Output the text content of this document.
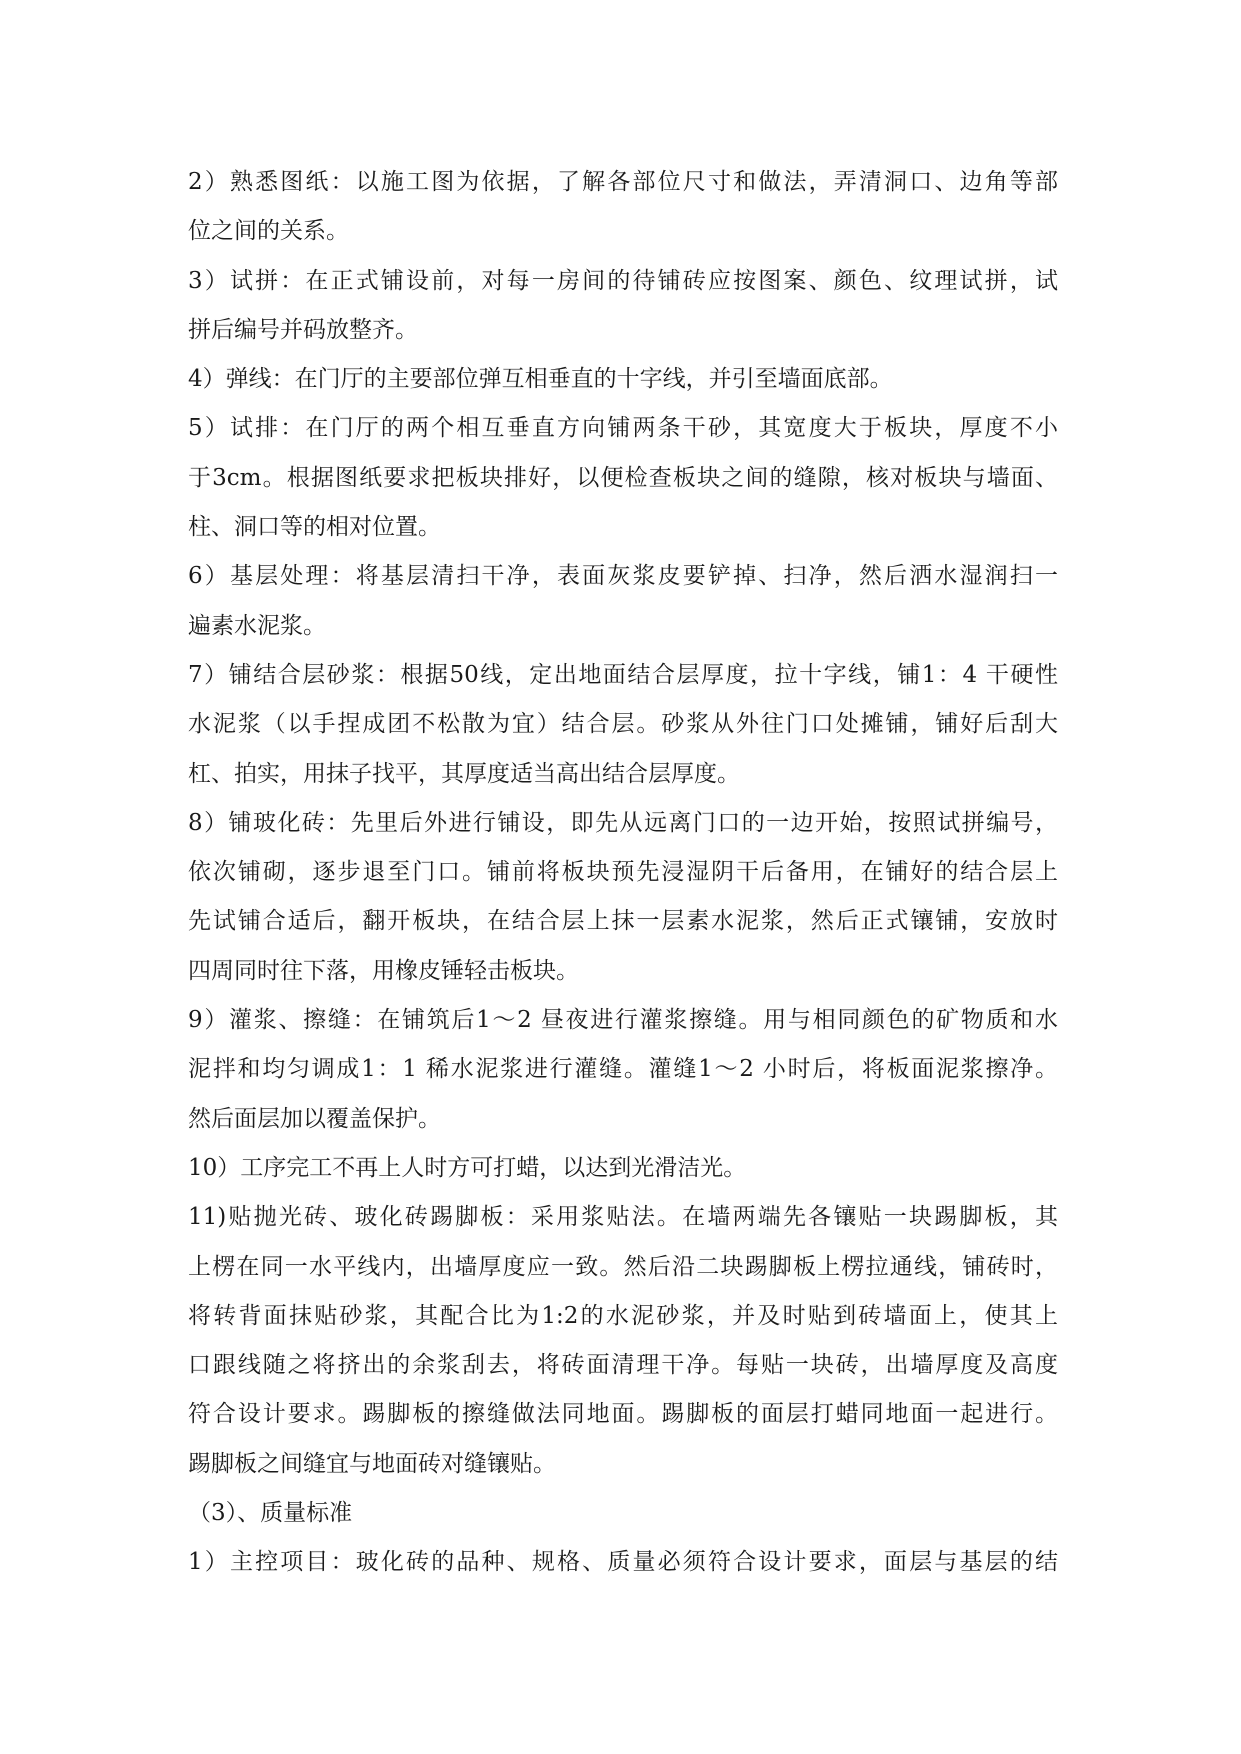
2）熟悉图纸：以施工图为依据，了解各部位尺寸和做法，弄清洞口、边角等部
位之间的关系。
3）试拼：在正式铺设前，对每一房间的待铺砖应按图案、颜色、纹理试拼，试
拼后编号并码放整齐。
4）弹线：在门厅的主要部位弹互相垂直的十字线，并引至墙面底部。
5）试排：在门厅的两个相互垂直方向铺两条干砂，其宽度大于板块，厚度不小
于3cm。根据图纸要求把板块排好，以便检查板块之间的缝隙，核对板块与墙面、
柱、洞口等的相对位置。
6）基层处理：将基层清扫干净，表面灰浆皮要铲掉、扫净，然后洒水湿润扫一
遍素水泥浆。
7）铺结合层砂浆：根据50线，定出地面结合层厚度，拉十字线，铺1：4 干硬性
水泥浆（以手捏成团不松散为宜）结合层。砂浆从外往门口处摊铺，铺好后刮大
杠、拍实，用抹子找平，其厚度适当高出结合层厚度。
8）铺玻化砖：先里后外进行铺设，即先从远离门口的一边开始，按照试拼编号，
依次铺砌，逐步退至门口。铺前将板块预先浸湿阴干后备用，在铺好的结合层上
先试铺合适后，翻开板块，在结合层上抹一层素水泥浆，然后正式镶铺，安放时
四周同时往下落，用橡皮锤轻击板块。
9）灌浆、擦缝：在铺筑后1～2 昼夜进行灌浆擦缝。用与相同颜色的矿物质和水
泥拌和均匀调成1：1 稀水泥浆进行灌缝。灌缝1～2 小时后，将板面泥浆擦净。
然后面层加以覆盖保护。
10）工序完工不再上人时方可打蜡，以达到光滑洁光。
11)贴抛光砖、玻化砖踢脚板：采用浆贴法。在墙两端先各镶贴一块踢脚板，其
上楞在同一水平线内，出墙厚度应一致。然后沿二块踢脚板上楞拉通线，铺砖时，
将转背面抹贴砂浆，其配合比为1:2的水泥砂浆，并及时贴到砖墙面上，使其上
口跟线随之将挤出的余浆刮去，将砖面清理干净。每贴一块砖，出墙厚度及高度
符合设计要求。踢脚板的擦缝做法同地面。踢脚板的面层打蜡同地面一起进行。
踢脚板之间缝宜与地面砖对缝镶贴。
（3）、质量标准
1）主控项目：玻化砖的品种、规格、质量必须符合设计要求，面层与基层的结
